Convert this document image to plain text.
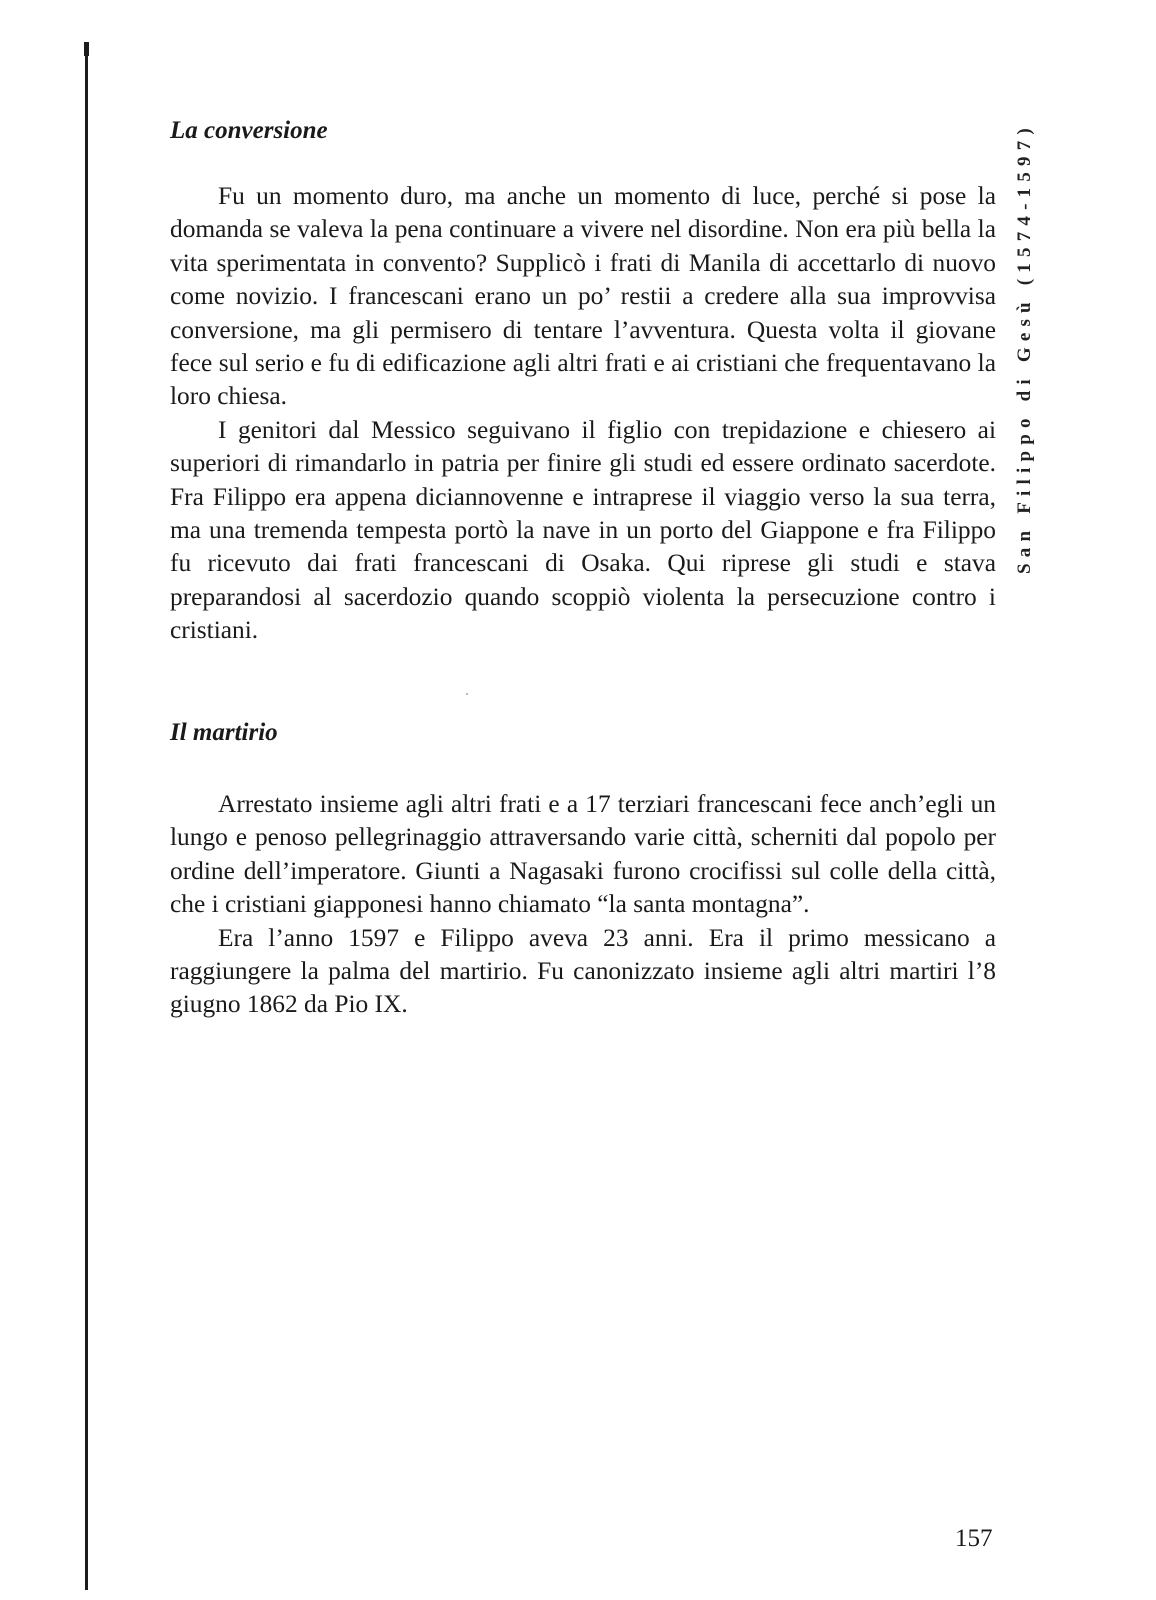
San Filippo di Gesù (1574-1597)
La conversione

Fu un momento duro, ma anche un momento di luce, perché si pose la domanda se valeva la pena continuare a vivere nel disordine. Non era più bella la vita sperimentata in convento? Supplicò i frati di Manila di accettarlo di nuovo come novizio. I francescani erano un po’ restii a credere alla sua improvvisa conversione, ma gli permisero di tentare l’avventura. Questa volta il giovane fece sul serio e fu di edificazione agli altri frati e ai cristiani che frequentavano la loro chiesa.

I genitori dal Messico seguivano il figlio con trepidazione e chiesero ai superiori di rimandarlo in patria per finire gli studi ed essere ordinato sacerdote. Fra Filippo era appena diciannovenne e intraprese il viaggio verso la sua terra, ma una tremenda tempesta portò la nave in un porto del Giappone e fra Filippo fu ricevuto dai frati francescani di Osaka. Qui riprese gli studi e stava preparandosi al sacerdozio quando scoppiò violenta la persecuzione contro i cristiani.

Il martirio

Arrestato insieme agli altri frati e a 17 terziari francescani fece anch’egli un lungo e penoso pellegrinaggio attraversando varie città, scherniti dal popolo per ordine dell’imperatore. Giunti a Nagasaki furono crocifissi sul colle della città, che i cristiani giapponesi hanno chiamato “la santa montagna”.

Era l’anno 1597 e Filippo aveva 23 anni. Era il primo messicano a raggiungere la palma del martirio. Fu canonizzato insieme agli altri martiri l’8 giugno 1862 da Pio IX.

157
